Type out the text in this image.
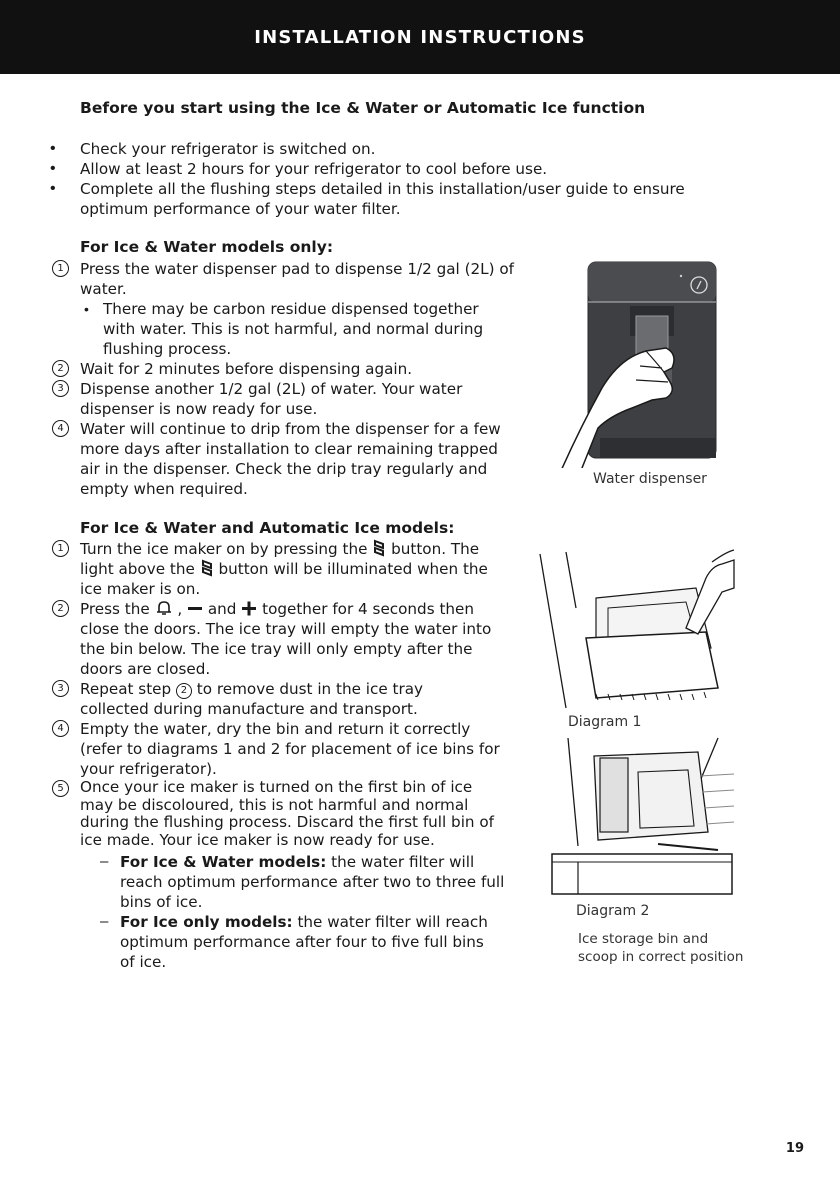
INSTALLATION INSTRUCTIONS
Before you start using the Ice & Water or Automatic Ice function
• Check your refrigerator is switched on.
• Allow at least 2 hours for your refrigerator to cool before use.
• Complete all the flushing steps detailed in this installation/user guide to ensure optimum performance of your water filter.
For Ice & Water models only:
1	Press the water dispenser pad to dispense 1/2 gal (2L) of water.
• There may be carbon residue dispensed together with water. This is not harmful, and normal during flushing process.
2	Wait for 2 minutes before dispensing again.
3	Dispense another 1/2 gal (2L) of water. Your water dispenser is now ready for use.
4	Water will continue to drip from the dispenser for a few more days after installation to clear remaining trapped air in the dispenser. Check the drip tray regularly and empty when required.
For Ice & Water and Automatic Ice models:
1	Turn the ice maker on by pressing the button. The light above the button will be illuminated when the ice maker is on.
2	Press the , and together for 4 seconds then close the doors. The ice tray will empty the water into the bin below. The ice tray will only empty after the doors are closed.
3	Repeat step 2 to remove dust in the ice tray collected during manufacture and transport.
4	Empty the water, dry the bin and return it correctly (refer to diagrams 1 and 2 for placement of ice bins for your refrigerator).
5	Once your ice maker is turned on the first bin of ice may be discoloured, this is not harmful and normal during the flushing process. Discard the first full bin of ice made. Your ice maker is now ready for use.
– For Ice & Water models: the water filter will reach optimum performance after two to three full bins of ice.
– For Ice only models: the water filter will reach optimum performance after four to five full bins of ice.
Water dispenser
Diagram 1
Diagram 2
Ice storage bin and
scoop in correct position
19
